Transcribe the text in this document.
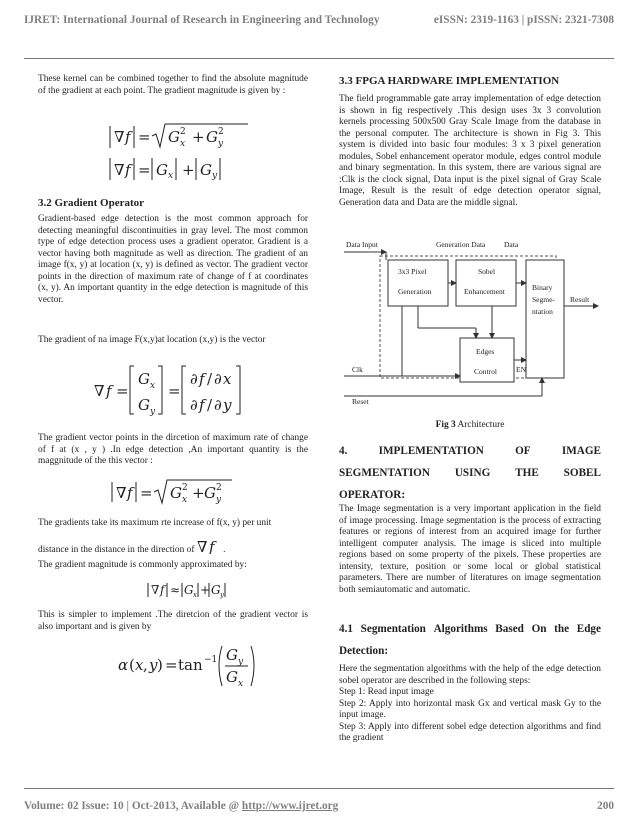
IJRET: International Journal of Research in Engineering and Technology	eISSN: 2319-1163 | pISSN: 2321-7308

These kernel can be combined together to find the absolute magnitude of the gradient at each point. The gradient magnitude is given by :

∇ f = G 2
x + G 2
y
∇ f = G x + G y
3.2 Gradient Operator

Gradient-based edge detection is the most common approach for detecting meaningful discontinuities in gray level. The most common type of edge detection process uses a gradient operator. Gradient is a vector having both magnitude as well as direction. The gradient of an image f(x, y) at location (x, y) is defined as vector. The gradient vector points in the direction of maximum rate of change of f at coordinates (x, y). An important quantity in the edge detection is magnitude of this vector.

The gradient of na image F(x,y)at location (x,y) is the vector

∇ f =
G x
G y
=
∂ f / ∂ x
∂ f / ∂ y

The gradient vector points in the dircetion of maximum rate of change of f at (x , y ) .In edge detection ,An important quantity is the maggnitude of the this vector :

∇ f = G 2
x + G 2
y

The gradients take its maximum rte increase of f(x, y) per unit

distance in the distance in the direction of ∇ f .

The gradient magnitude is commonly approximated by:

∇ f ≈ G x + G y

This is simpler to implement .The diretcion of the gradient vector is also important and is given by

α ( x , y ) = tan −1 G y
G x
3.3 FPGA HARDWARE IMPLEMENTATION

The field programmable gate array implementation of edge detection is shown in fig respectively .This design uses 3x 3 convolution kernels processing 500x500 Gray Scale Image from the database in the personal computer. The architecture is shown in Fig 3. This system is divided into basic four modules: 3 x 3 pixel generation modules, Sobel enhancement operator module, edges control module and binary segmentation. In this system, there are various signal are :Clk is the clock signal, Data input is the pixel signal of Gray Scale Image, Result is the result of edge detection operator signal, Generation data and Data are the middle signal.

Data Input	Generation Data Data
3x3 Pixel
Generation
Sobel
Enhancement	Binary
Segme-
ntation
Result
Edges
Control	EN
Clk
Reset
Fig 3 Architecture
4.	IMPLEMENTATION	OF	IMAGE
SEGMENTATION USING THE SOBEL
OPERATOR:

The Image segmentation is a very important application in the field of image processing. Image segmentation is the process of extracting features or regions of interest from an acquired image for further intelligent computer analysis. The image is sliced into multiple regions based on some property of the pixels. These properties are intensity, texture, position or some local or global statistical parameters. There are number of literatures on image segmentation both semiautomatic and automatic.

4.1 Segmentation Algorithms Based On the Edge
Detection:

Here the segmentation algorithms with the help of the edge detection sobel operator are described in the following steps:

Step 1: Read input image

Step 2: Apply into horizontal mask Gx and vertical mask Gy to the input image.

Step 3: Apply into different sobel edge detection algorithms and find the gradient

Volume: 02 Issue: 10 | Oct-2013, Available @ http://www.ijret.org	200
